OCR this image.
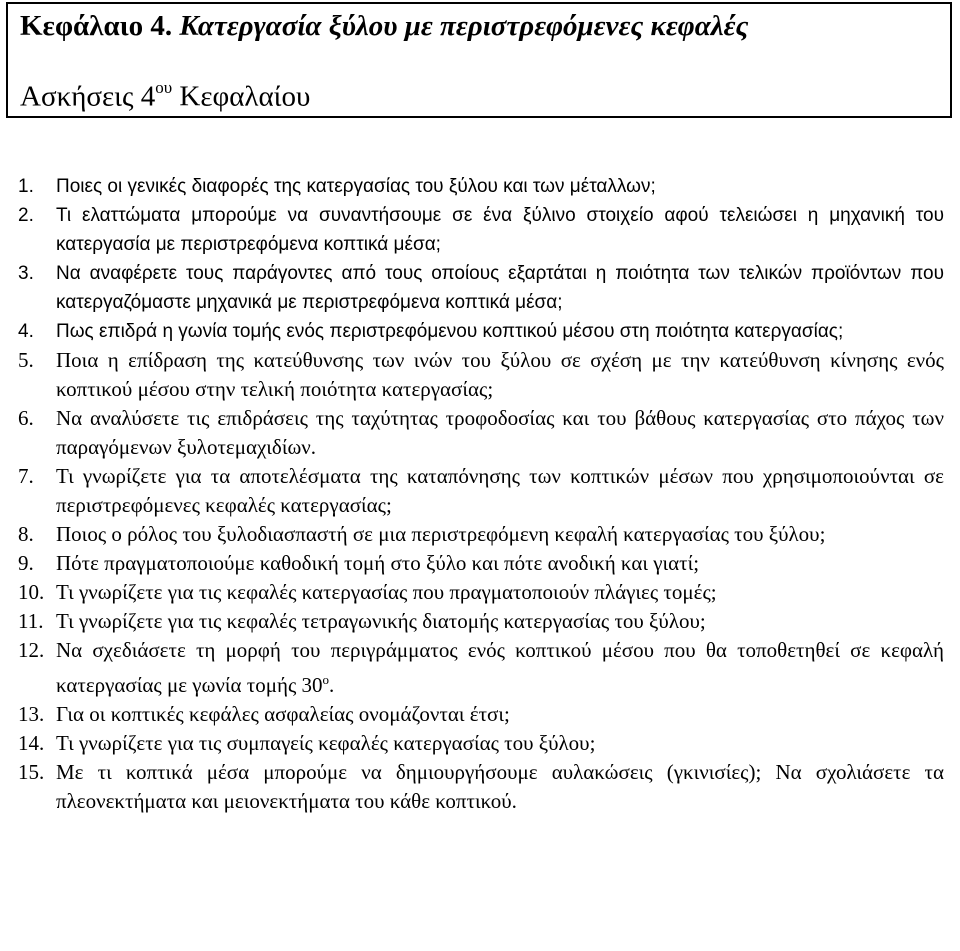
Κεφάλαιο 4. Κατεργασία ξύλου με περιστρεφόμενες κεφαλές
Ασκήσεις $4^{o\upsilon}$ Κεφαλαίου
1. Ποιες οι γενικές διαφορές της κατεργασίας του ξύλου και των μέταλλων;
2. Τι ελαττώματα μπορούμε να συναντήσουμε σε ένα ξύλινο στοιχείο αφού τελειώσει η μηχανική του κατεργασία με περιστρεφόμενα κοπτικά μέσα;
3. Να αναφέρετε τους παράγοντες από τους οποίους εξαρτάται η ποιότητα των τελικών προϊόντων που κατεργαζόμαστε μηχανικά με περιστρεφόμενα κοπτικά μέσα;
4. Πως επιδρά η γωνία τομής ενός περιστρεφόμενου κοπτικού μέσου στη ποιότητα κατεργασίας;
5. Ποια η επίδραση της κατεύθυνσης των ινών του ξύλου σε σχέση με την κατεύθυνση κίνησης ενός κοπτικού μέσου στην τελική ποιότητα κατεργασίας;
6. Να αναλύσετε τις επιδράσεις της ταχύτητας τροφοδοσίας και του βάθους κατεργασίας στο πάχος των παραγόμενων ξυλοτεμαχιδίων.
7. Τι γνωρίζετε για τα αποτελέσματα της καταπόνησης των κοπτικών μέσων που χρησιμοποιούνται σε περιστρεφόμενες κεφαλές κατεργασίας;
8. Ποιος ο ρόλος του ξυλοδιασπαστή σε μια περιστρεφόμενη κεφαλή κατεργασίας του ξύλου;
9. Πότε πραγματοποιούμε καθοδική τομή στο ξύλο και πότε ανοδική και γιατί;
10. Τι γνωρίζετε για τις κεφαλές κατεργασίας που πραγματοποιούν πλάγιες τομές;
11. Τι γνωρίζετε για τις κεφαλές τετραγωνικής διατομής κατεργασίας του ξύλου;
12. Να σχεδιάσετε τη μορφή του περιγράμματος ενός κοπτικού μέσου που θα τοποθετηθεί σε κεφαλή κατεργασίας με γωνία τομής $30^o$.
13. Για οι κοπτικές κεφάλες ασφαλείας ονομάζονται έτσι;
14. Τι γνωρίζετε για τις συμπαγείς κεφαλές κατεργασίας του ξύλου;
15. Με τι κοπτικά μέσα μπορούμε να δημιουργήσουμε αυλακώσεις (γκινισίες); Να σχολιάσετε τα πλεονεκτήματα και μειονεκτήματα του κάθε κοπτικού.
